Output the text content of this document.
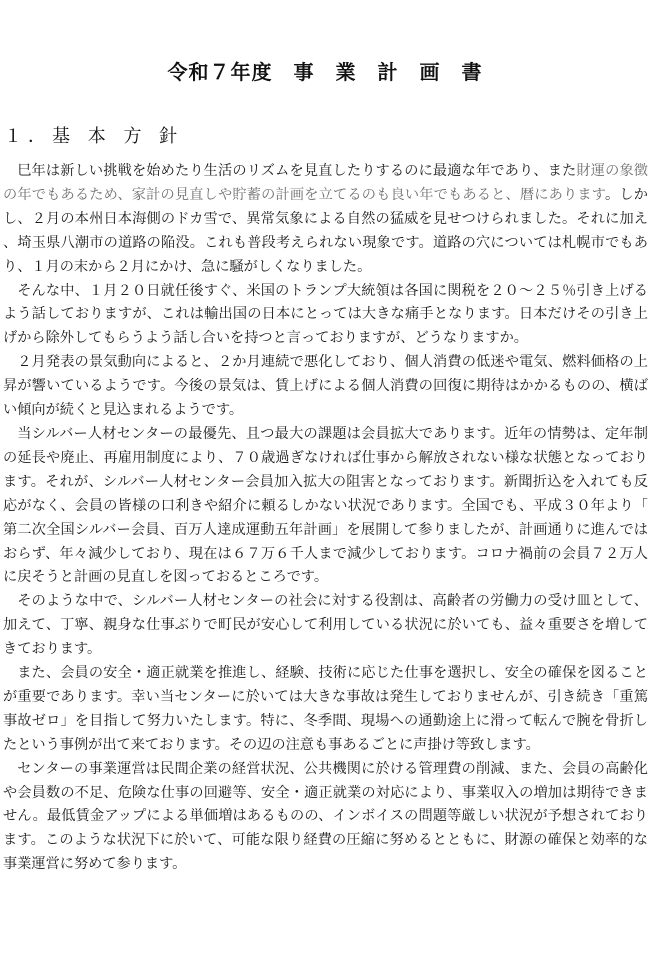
令和７年度　事　業　計　画　書
１．基 本 方 針

巳年は新しい挑戦を始めたり生活のリズムを見直したりするのに最適な年であり、また財運の象徴の年でもあるため、家計の見直しや貯蓄の計画を立てるのも良い年でもあると、暦にあります。しかし、２月の本州日本海側のドカ雪で、異常気象による自然の猛威を見せつけられました。それに加え、埼玉県八潮市の道路の陥没。これも普段考えられない現象です。道路の穴については札幌市でもあり、１月の末から２月にかけ、急に騒がしくなりました。

そんな中、１月２０日就任後すぐ、米国のトランプ大統領は各国に関税を２０～２５％引き上げるよう話しておりますが、これは輸出国の日本にとっては大きな痛手となります。日本だけその引き上げから除外してもらうよう話し合いを持つと言っておりますが、どうなりますか。

２月発表の景気動向によると、２か月連続で悪化しており、個人消費の低迷や電気、燃料価格の上昇が響いているようです。今後の景気は、賃上げによる個人消費の回復に期待はかかるものの、横ばい傾向が続くと見込まれるようです。

当シルバー人材センターの最優先、且つ最大の課題は会員拡大であります。近年の情勢は、定年制の延長や廃止、再雇用制度により、７０歳過ぎなければ仕事から解放されない様な状態となっております。それが、シルバー人材センター会員加入拡大の阻害となっております。新聞折込を入れても反応がなく、会員の皆様の口利きや紹介に頼るしかない状況であります。全国でも、平成３０年より「第二次全国シルバー会員、百万人達成運動五年計画」を展開して参りましたが、計画通りに進んではおらず、年々減少しており、現在は６７万６千人まで減少しております。コロナ禍前の会員７２万人に戻そうと計画の見直しを図っておるところです。

そのような中で、シルバー人材センターの社会に対する役割は、高齢者の労働力の受け皿として、加えて、丁寧、親身な仕事ぶりで町民が安心して利用している状況に於いても、益々重要さを増してきております。

また、会員の安全・適正就業を推進し、経験、技術に応じた仕事を選択し、安全の確保を図ることが重要であります。幸い当センターに於いては大きな事故は発生しておりませんが、引き続き「重篤事故ゼロ」を目指して努力いたします。特に、冬季間、現場への通勤途上に滑って転んで腕を骨折したという事例が出て来ております。その辺の注意も事あるごとに声掛け等致します。

センターの事業運営は民間企業の経営状況、公共機関に於ける管理費の削減、また、会員の高齢化や会員数の不足、危険な仕事の回避等、安全・適正就業の対応により、事業収入の増加は期待できません。最低賃金アップによる単価増はあるものの、インボイスの問題等厳しい状況が予想されております。このような状況下に於いて、可能な限り経費の圧縮に努めるとともに、財源の確保と効率的な事業運営に努めて参ります。
